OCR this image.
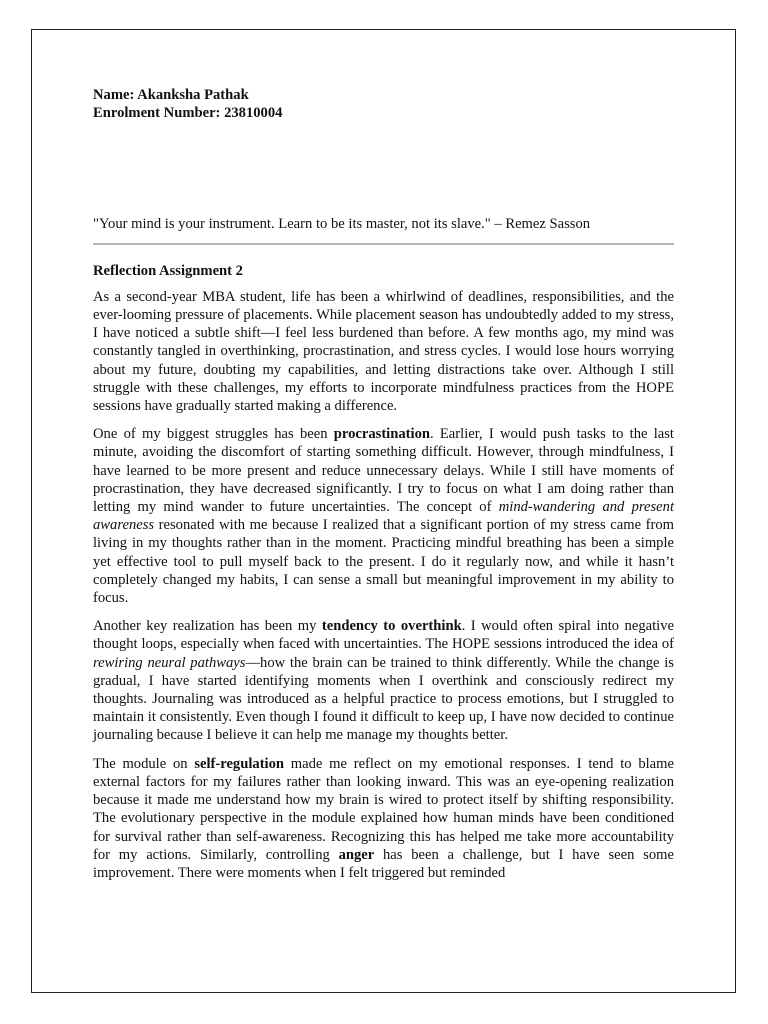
Name: Akanksha Pathak
Enrolment Number: 23810004
"Your mind is your instrument. Learn to be its master, not its slave." – Remez Sasson
Reflection Assignment 2

As a second-year MBA student, life has been a whirlwind of deadlines, responsibilities, and the ever-looming pressure of placements. While placement season has undoubtedly added to my stress, I have noticed a subtle shift—I feel less burdened than before. A few months ago, my mind was constantly tangled in overthinking, procrastination, and stress cycles. I would lose hours worrying about my future, doubting my capabilities, and letting distractions take over. Although I still struggle with these challenges, my efforts to incorporate mindfulness practices from the HOPE sessions have gradually started making a difference.

One of my biggest struggles has been procrastination. Earlier, I would push tasks to the last minute, avoiding the discomfort of starting something difficult. However, through mindfulness, I have learned to be more present and reduce unnecessary delays. While I still have moments of procrastination, they have decreased significantly. I try to focus on what I am doing rather than letting my mind wander to future uncertainties. The concept of mind-wandering and present awareness resonated with me because I realized that a significant portion of my stress came from living in my thoughts rather than in the moment. Practicing mindful breathing has been a simple yet effective tool to pull myself back to the present. I do it regularly now, and while it hasn’t completely changed my habits, I can sense a small but meaningful improvement in my ability to focus.

Another key realization has been my tendency to overthink. I would often spiral into negative thought loops, especially when faced with uncertainties. The HOPE sessions introduced the idea of rewiring neural pathways—how the brain can be trained to think differently. While the change is gradual, I have started identifying moments when I overthink and consciously redirect my thoughts. Journaling was introduced as a helpful practice to process emotions, but I struggled to maintain it consistently. Even though I found it difficult to keep up, I have now decided to continue journaling because I believe it can help me manage my thoughts better.

The module on self-regulation made me reflect on my emotional responses. I tend to blame external factors for my failures rather than looking inward. This was an eye-opening realization because it made me understand how my brain is wired to protect itself by shifting responsibility. The evolutionary perspective in the module explained how human minds have been conditioned for survival rather than self-awareness. Recognizing this has helped me take more accountability for my actions. Similarly, controlling anger has been a challenge, but I have seen some improvement. There were moments when I felt triggered but reminded
